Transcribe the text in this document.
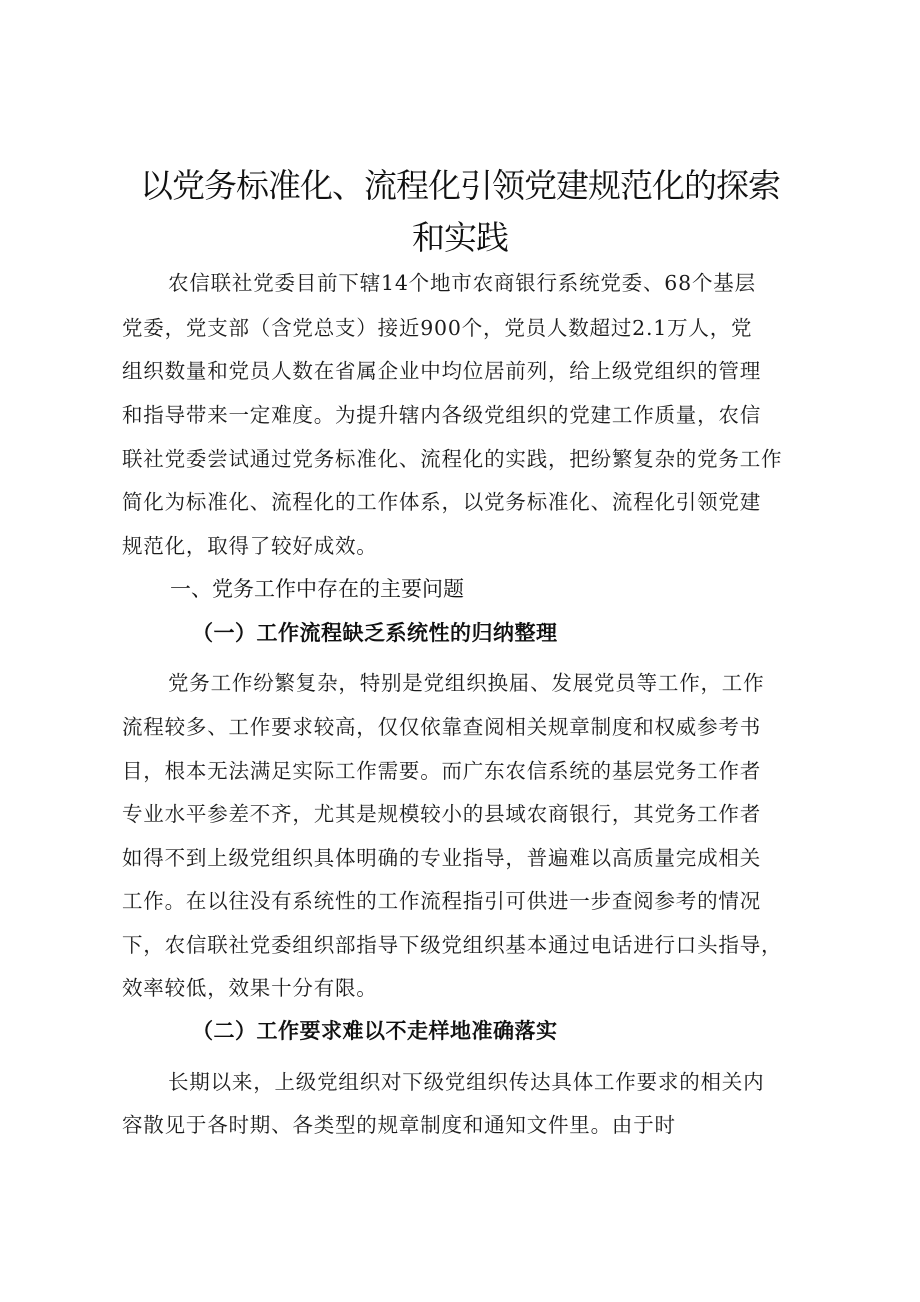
以党务标准化、流程化引领党建规范化的探索
和实践
农信联社党委目前下辖14个地市农商银行系统党委、68个基层
党委，党支部（含党总支）接近900个，党员人数超过2.1万人，党
组织数量和党员人数在省属企业中均位居前列，给上级党组织的管理
和指导带来一定难度。为提升辖内各级党组织的党建工作质量，农信
联社党委尝试通过党务标准化、流程化的实践，把纷繁复杂的党务工作
简化为标准化、流程化的工作体系，以党务标准化、流程化引领党建
规范化，取得了较好成效。
一、党务工作中存在的主要问题
（一）工作流程缺乏系统性的归纳整理
党务工作纷繁复杂，特别是党组织换届、发展党员等工作，工作
流程较多、工作要求较高，仅仅依靠查阅相关规章制度和权威参考书
目，根本无法满足实际工作需要。而广东农信系统的基层党务工作者
专业水平参差不齐，尤其是规模较小的县域农商银行，其党务工作者
如得不到上级党组织具体明确的专业指导，普遍难以高质量完成相关
工作。在以往没有系统性的工作流程指引可供进一步查阅参考的情况
下，农信联社党委组织部指导下级党组织基本通过电话进行口头指导，
效率较低，效果十分有限。
（二）工作要求难以不走样地准确落实
长期以来，上级党组织对下级党组织传达具体工作要求的相关内
容散见于各时期、各类型的规章制度和通知文件里。由于时
